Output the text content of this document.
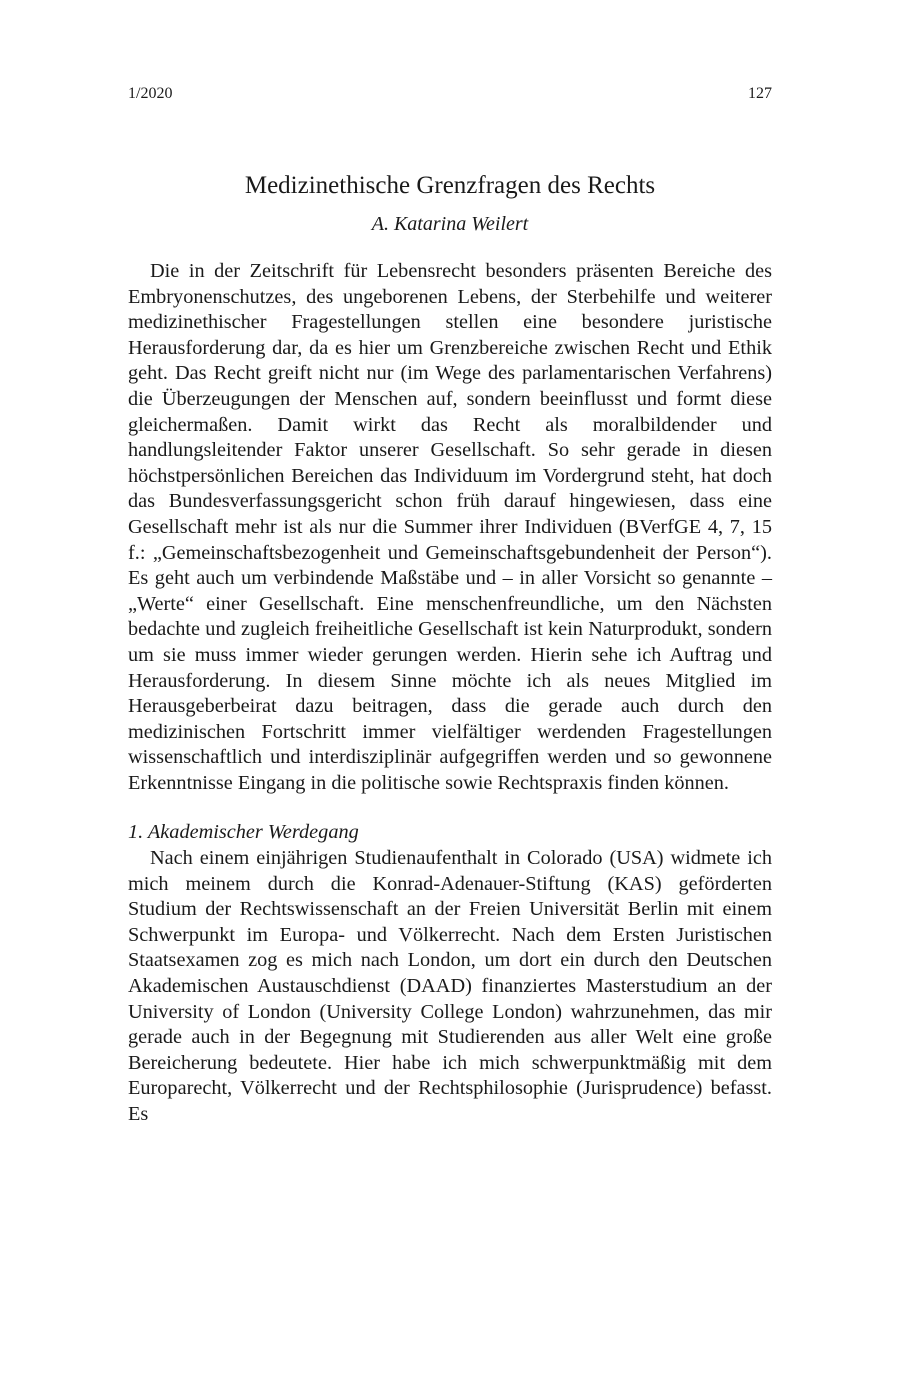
1/2020	127
Medizinethische Grenzfragen des Rechts
A. Katarina Weilert

Die in der Zeitschrift für Lebensrecht besonders präsenten Bereiche des Embryonenschutzes, des ungeborenen Lebens, der Sterbehilfe und weiterer medizinethischer Fragestellungen stellen eine besondere juristische Herausforderung dar, da es hier um Grenzbereiche zwischen Recht und Ethik geht. Das Recht greift nicht nur (im Wege des parlamentarischen Verfahrens) die Überzeugungen der Menschen auf, sondern beeinflusst und formt diese gleichermaßen. Damit wirkt das Recht als moralbildender und handlungsleitender Faktor unserer Gesellschaft. So sehr gerade in diesen höchstpersönlichen Bereichen das Individuum im Vordergrund steht, hat doch das Bundesverfassungsgericht schon früh darauf hingewiesen, dass eine Gesellschaft mehr ist als nur die Summer ihrer Individuen (BVerfGE 4, 7, 15 f.: „Gemeinschaftsbezogenheit und Gemeinschaftsgebundenheit der Person“). Es geht auch um verbindende Maßstäbe und – in aller Vorsicht so genannte – „Werte“ einer Gesellschaft. Eine menschenfreundliche, um den Nächsten bedachte und zugleich freiheitliche Gesellschaft ist kein Naturprodukt, sondern um sie muss immer wieder gerungen werden. Hierin sehe ich Auftrag und Herausforderung. In diesem Sinne möchte ich als neues Mitglied im Herausgeberbeirat dazu beitragen, dass die gerade auch durch den medizinischen Fortschritt immer vielfältiger werdenden Fragestellungen wissenschaftlich und interdisziplinär aufgegriffen werden und so gewonnene Erkenntnisse Eingang in die politische sowie Rechtspraxis finden können.

1. Akademischer Werdegang

Nach einem einjährigen Studienaufenthalt in Colorado (USA) widmete ich mich meinem durch die Konrad-Adenauer-Stiftung (KAS) geförderten Studium der Rechtswissenschaft an der Freien Universität Berlin mit einem Schwerpunkt im Europa- und Völkerrecht. Nach dem Ersten Juristischen Staatsexamen zog es mich nach London, um dort ein durch den Deutschen Akademischen Austauschdienst (DAAD) finanziertes Masterstudium an der University of London (University College London) wahrzunehmen, das mir gerade auch in der Begegnung mit Studierenden aus aller Welt eine große Bereicherung bedeutete. Hier habe ich mich schwerpunktmäßig mit dem Europarecht, Völkerrecht und der Rechtsphilosophie (Jurisprudence) befasst. Es
